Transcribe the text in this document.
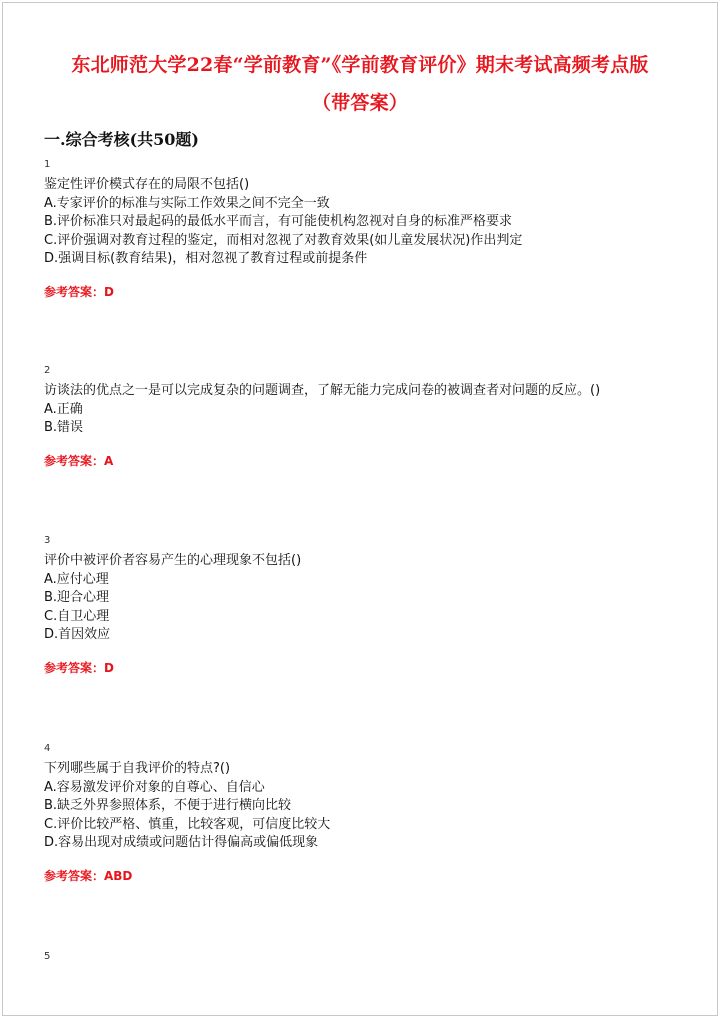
东北师范大学22春“学前教育”《学前教育评价》期末考试高频考点版
（带答案）
一.综合考核(共50题)
1
鉴定性评价模式存在的局限不包括()
A.专家评价的标准与实际工作效果之间不完全一致
B.评价标准只对最起码的最低水平而言，有可能使机构忽视对自身的标准严格要求
C.评价强调对教育过程的鉴定，而相对忽视了对教育效果(如儿童发展状况)作出判定
D.强调目标(教育结果)，相对忽视了教育过程或前提条件
参考答案：D
2
访谈法的优点之一是可以完成复杂的问题调查，了解无能力完成问卷的被调查者对问题的反应。()
A.正确
B.错误
参考答案：A
3
评价中被评价者容易产生的心理现象不包括()
A.应付心理
B.迎合心理
C.自卫心理
D.首因效应
参考答案：D
4
下列哪些属于自我评价的特点?()
A.容易激发评价对象的自尊心、自信心
B.缺乏外界参照体系，不便于进行横向比较
C.评价比较严格、慎重，比较客观，可信度比较大
D.容易出现对成绩或问题估计得偏高或偏低现象
参考答案：ABD
5
